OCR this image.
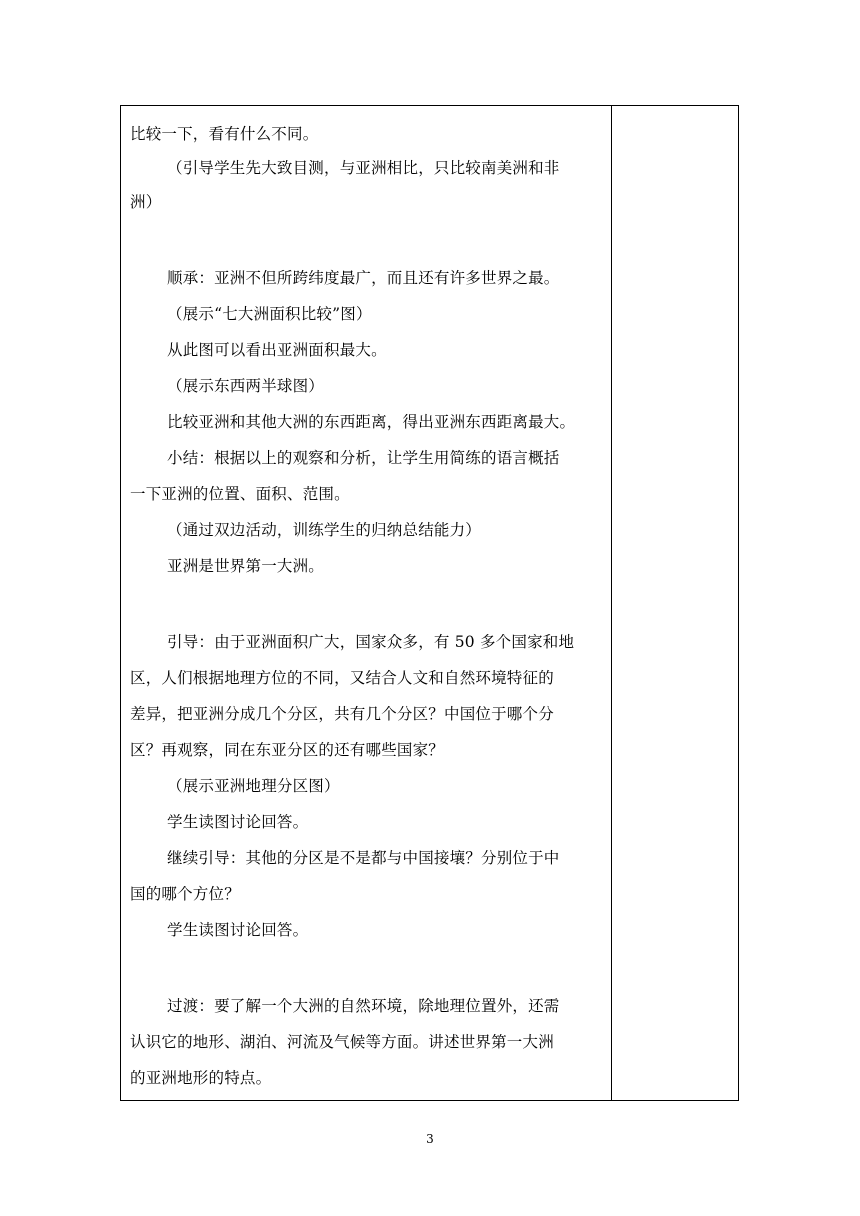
比较一下，看有什么不同。
（引导学生先大致目测，与亚洲相比，只比较南美洲和非
洲）
顺承：亚洲不但所跨纬度最广，而且还有许多世界之最。
（展示“七大洲面积比较”图）
从此图可以看出亚洲面积最大。
（展示东西两半球图）
比较亚洲和其他大洲的东西距离，得出亚洲东西距离最大。
小结：根据以上的观察和分析，让学生用简练的语言概括
一下亚洲的位置、面积、范围。
（通过双边活动，训练学生的归纳总结能力）
亚洲是世界第一大洲。
引导：由于亚洲面积广大，国家众多，有 50 多个国家和地
区，人们根据地理方位的不同，又结合人文和自然环境特征的
差异，把亚洲分成几个分区，共有几个分区？中国位于哪个分
区？再观察，同在东亚分区的还有哪些国家？
（展示亚洲地理分区图）
学生读图讨论回答。
继续引导：其他的分区是不是都与中国接壤？分别位于中
国的哪个方位？
学生读图讨论回答。
过渡：要了解一个大洲的自然环境，除地理位置外，还需
认识它的地形、湖泊、河流及气候等方面。讲述世界第一大洲
的亚洲地形的特点。
3
